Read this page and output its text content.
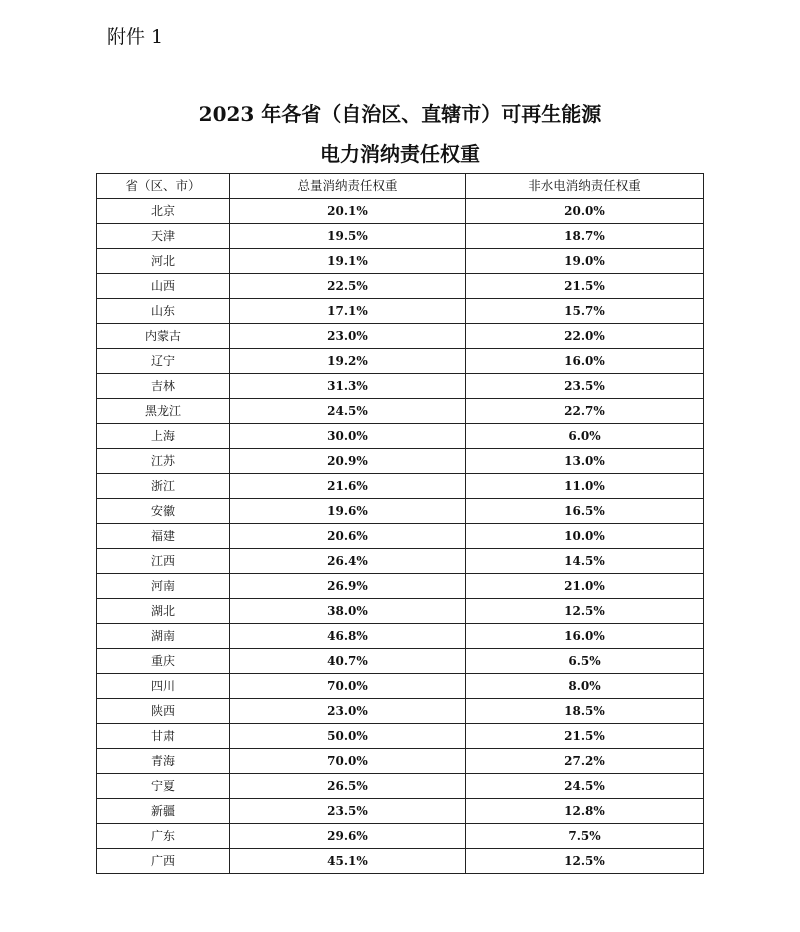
附件 1
2023 年各省（自治区、直辖市）可再生能源
电力消纳责任权重
省（区、市）	总量消纳责任权重	非水电消纳责任权重
北京	20.1%	20.0%
天津	19.5%	18.7%
河北	19.1%	19.0%
山西	22.5%	21.5%
山东	17.1%	15.7%
内蒙古	23.0%	22.0%
辽宁	19.2%	16.0%
吉林	31.3%	23.5%
黑龙江	24.5%	22.7%
上海	30.0%	6.0%
江苏	20.9%	13.0%
浙江	21.6%	11.0%
安徽	19.6%	16.5%
福建	20.6%	10.0%
江西	26.4%	14.5%
河南	26.9%	21.0%
湖北	38.0%	12.5%
湖南	46.8%	16.0%
重庆	40.7%	6.5%
四川	70.0%	8.0%
陕西	23.0%	18.5%
甘肃	50.0%	21.5%
青海	70.0%	27.2%
宁夏	26.5%	24.5%
新疆	23.5%	12.8%
广东	29.6%	7.5%
广西	45.1%	12.5%
